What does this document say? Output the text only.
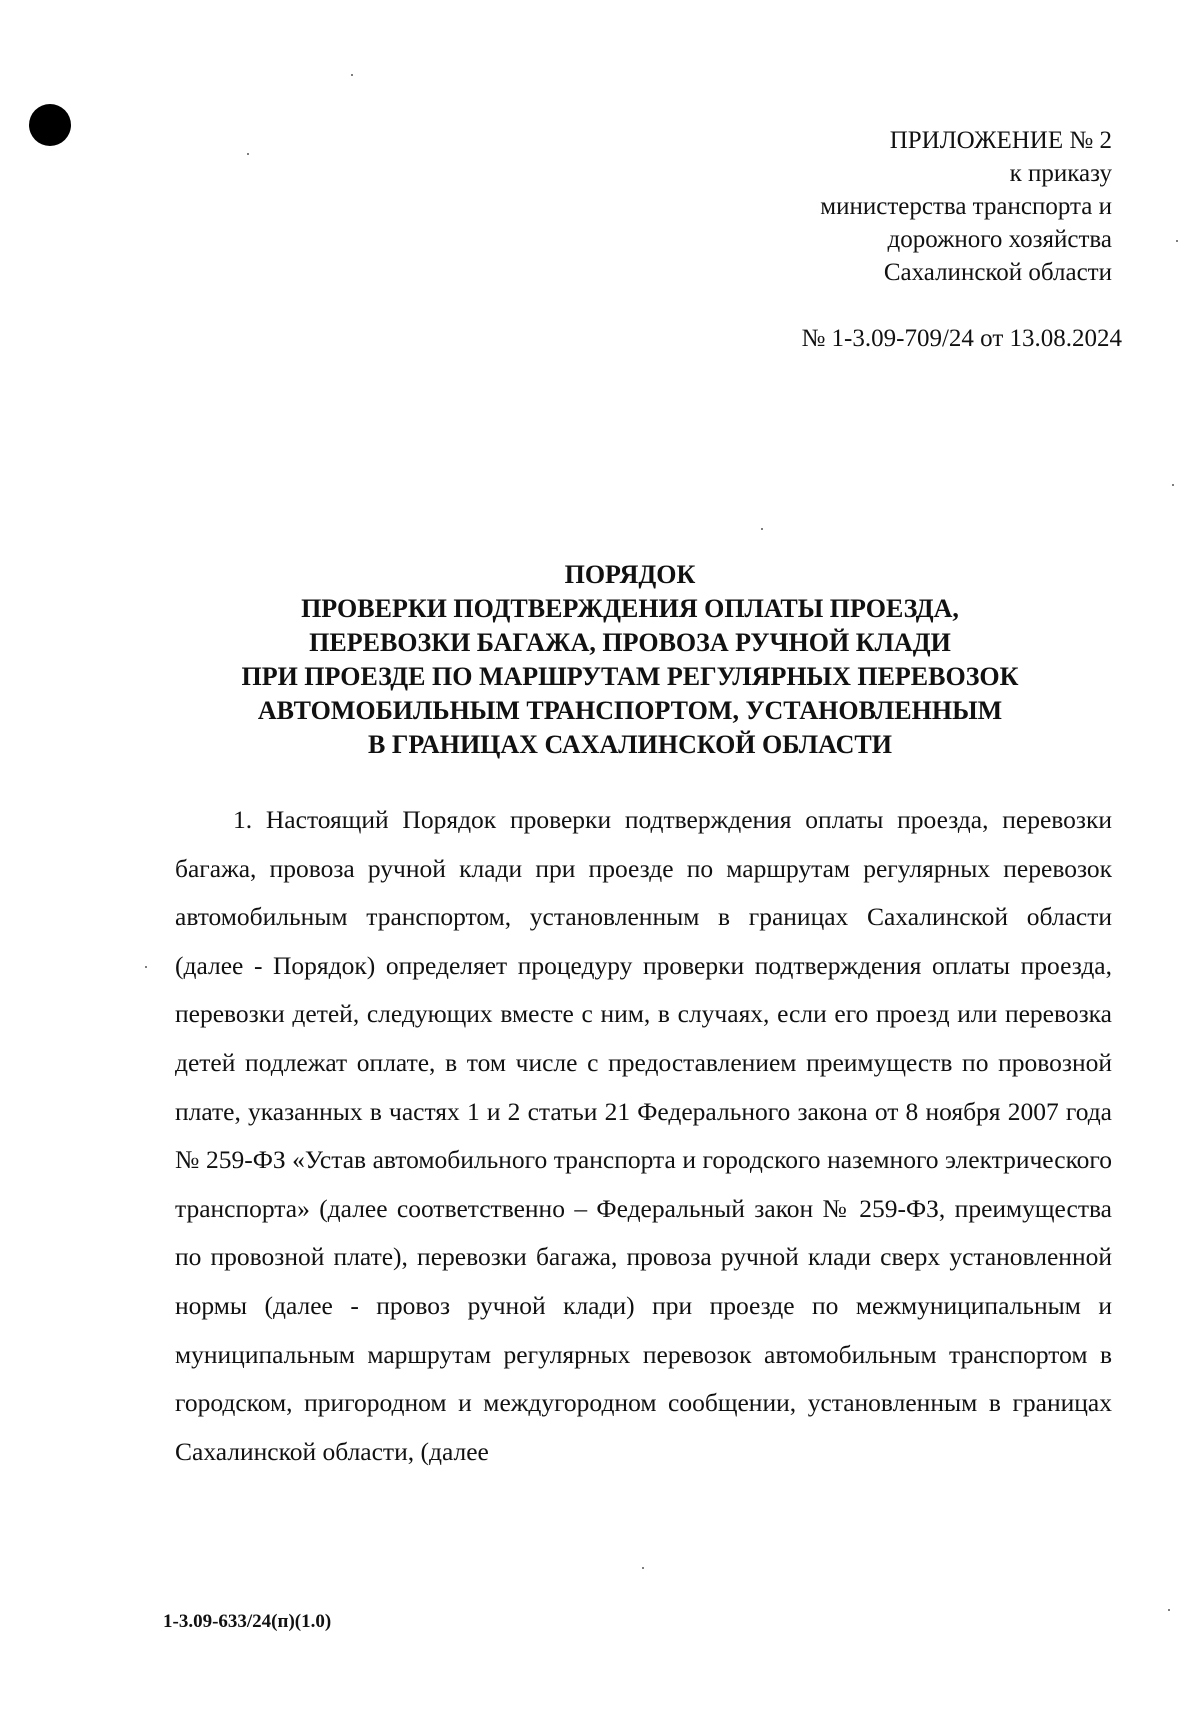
ПРИЛОЖЕНИЕ № 2
к приказу
министерства транспорта и
дорожного хозяйства
Сахалинской области
№ 1-3.09-709/24 от 13.08.2024
ПОРЯДОК
ПРОВЕРКИ ПОДТВЕРЖДЕНИЯ ОПЛАТЫ ПРОЕЗДА,
ПЕРЕВОЗКИ БАГАЖА, ПРОВОЗА РУЧНОЙ КЛАДИ
ПРИ ПРОЕЗДЕ ПО МАРШРУТАМ РЕГУЛЯРНЫХ ПЕРЕВОЗОК
АВТОМОБИЛЬНЫМ ТРАНСПОРТОМ, УСТАНОВЛЕННЫМ
В ГРАНИЦАХ САХАЛИНСКОЙ ОБЛАСТИ

1. Настоящий Порядок проверки подтверждения оплаты проезда, перевозки багажа, провоза ручной клади при проезде по маршрутам регулярных перевозок автомобильным транспортом, установленным в границах Сахалинской области (далее - Порядок) определяет процедуру проверки подтверждения оплаты проезда, перевозки детей, следующих вместе с ним, в случаях, если его проезд или перевозка детей подлежат оплате, в том числе с предоставлением преимуществ по провозной плате, указанных в частях 1 и 2 статьи 21 Федерального закона от 8 ноября 2007 года № 259-ФЗ «Устав автомобильного транспорта и городского наземного электрического транспорта» (далее соответственно – Федеральный закон № 259-ФЗ, преимущества по провозной плате), перевозки багажа, провоза ручной клади сверх установленной нормы (далее - провоз ручной клади) при проезде по межмуниципальным и муниципальным маршрутам регулярных перевозок автомобильным транспортом в городском, пригородном и междугородном сообщении, установленным в границах Сахалинской области, (далее

1-3.09-633/24(п)(1.0)
